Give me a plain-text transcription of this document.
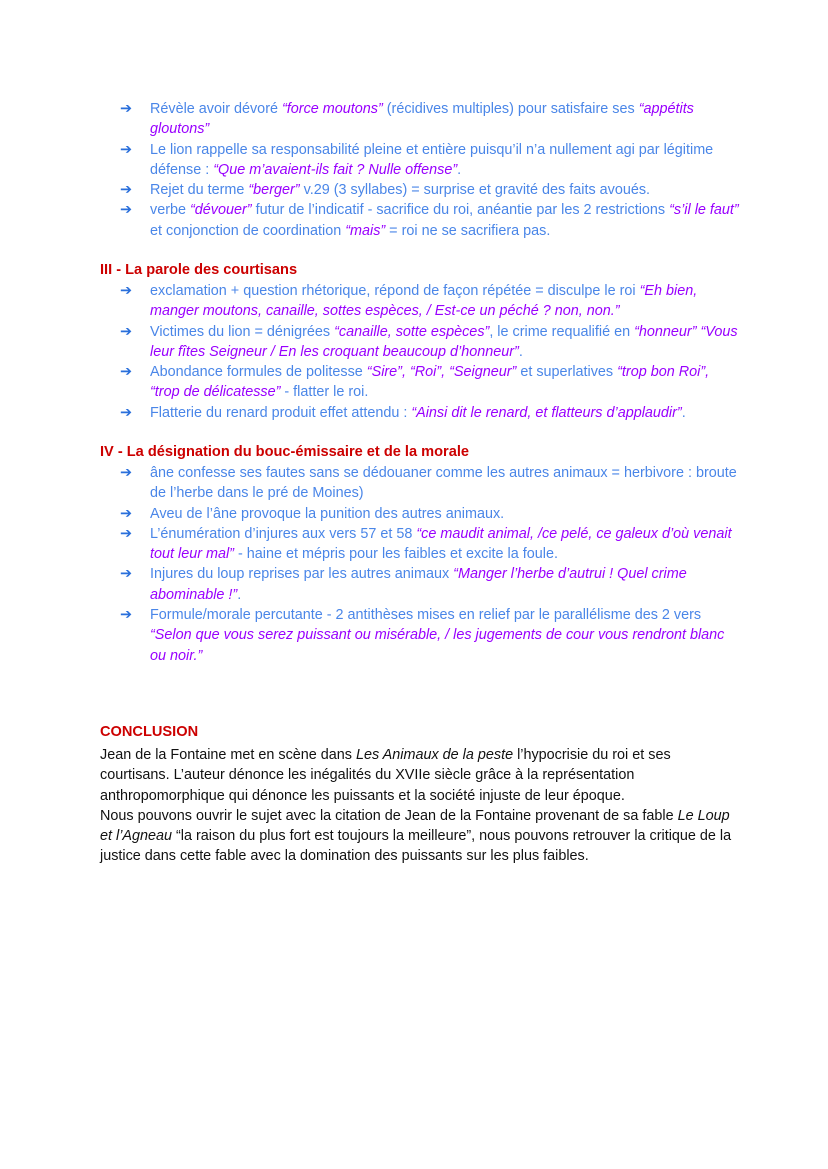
➔ Révèle avoir dévoré “force moutons” (récidives multiples) pour satisfaire ses “appétits gloutons”
➔ Le lion rappelle sa responsabilité pleine et entière puisqu’il n’a nullement agi par légitime défense : “Que m’avaient-ils fait ? Nulle offense”.
➔ Rejet du terme “berger” v.29 (3 syllabes) = surprise et gravité des faits avoués.
➔ verbe “dévouer” futur de l’indicatif - sacrifice du roi, anéantie par les 2 restrictions “s’il le faut” et conjonction de coordination “mais” = roi ne se sacrifiera pas.
III - La parole des courtisans
➔ exclamation + question rhétorique, répond de façon répétée = disculpe le roi “Eh bien, manger moutons, canaille, sottes espèces, / Est-ce un péché ? non, non.”
➔ Victimes du lion = dénigrées “canaille, sotte espèces”, le crime requalifié en “honneur” “Vous leur fîtes Seigneur / En les croquant beaucoup d’honneur”.
➔ Abondance formules de politesse “Sire”, “Roi”, “Seigneur” et superlatives “trop bon Roi”, “trop de délicatesse” - flatter le roi.
➔ Flatterie du renard produit effet attendu : “Ainsi dit le renard, et flatteurs d’applaudir”.
IV - La désignation du bouc-émissaire et de la morale
➔ âne confesse ses fautes sans se dédouaner comme les autres animaux = herbivore : broute de l’herbe dans le pré de Moines)
➔ Aveu de l’âne provoque la punition des autres animaux.
➔ L’énumération d’injures aux vers 57 et 58 “ce maudit animal, /ce pelé, ce galeux d’où venait tout leur mal” - haine et mépris pour les faibles et excite la foule.
➔ Injures du loup reprises par les autres animaux “Manger l’herbe d’autrui ! Quel crime abominable !”.
➔ Formule/morale percutante - 2 antithèses mises en relief par le parallélisme des 2 vers “Selon que vous serez puissant ou misérable, / les jugements de cour vous rendront blanc ou noir.”
CONCLUSION

Jean de la Fontaine met en scène dans Les Animaux de la peste l’hypocrisie du roi et ses courtisans. L’auteur dénonce les inégalités du XVIIe siècle grâce à la représentation anthropomorphique qui dénonce les puissants et la société injuste de leur époque.

Nous pouvons ouvrir le sujet avec la citation de Jean de la Fontaine provenant de sa fable Le Loup et l’Agneau “la raison du plus fort est toujours la meilleure”, nous pouvons retrouver la critique de la justice dans cette fable avec la domination des puissants sur les plus faibles.
